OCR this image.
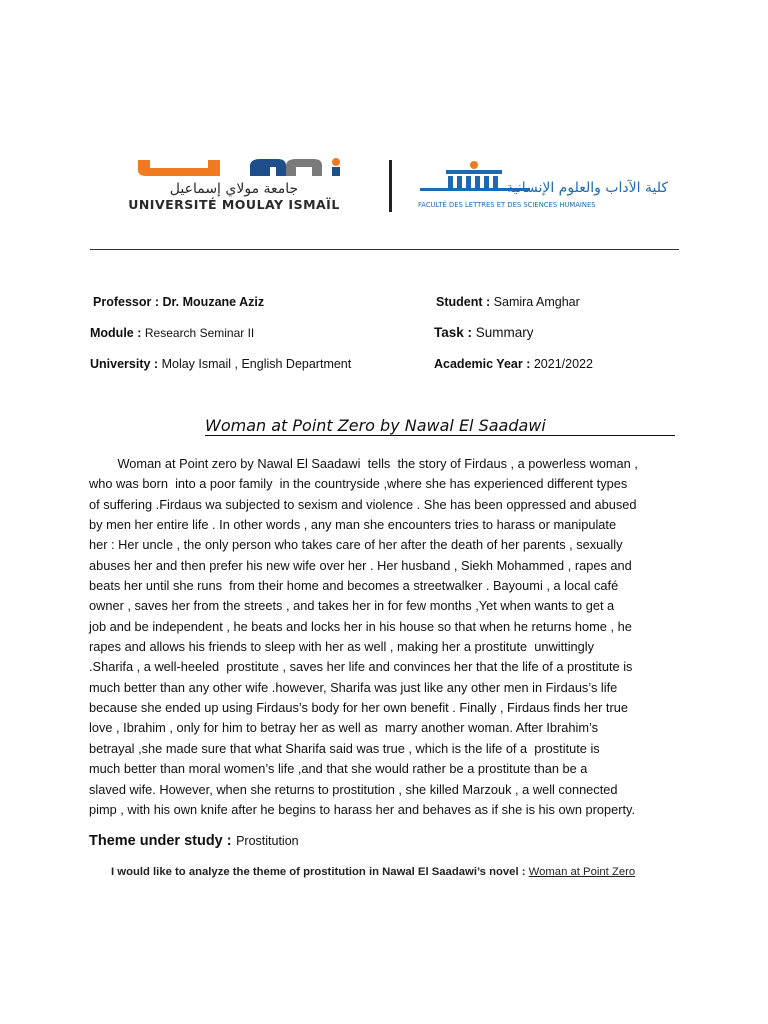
جامعة مولاي إسماعيل
UNIVERSITÉ MOULAY ISMAÏL
كلية الآداب والعلوم الإنسانية
FACULTÉ DES LETTRES ET DES SCIENCES HUMAINES
Professor : Dr. Mouzane Aziz	Student : Samira Amghar
Module : Research Seminar II	Task : Summary
University : Molay Ismail , English Department	Academic Year : 2021/2022
Woman at Point Zero by Nawal El Saadawi
Woman at Point zero by Nawal El Saadawi  tells  the story of Firdaus , a powerless woman ,
who was born  into a poor family  in the countryside ,where she has experienced different types
of suffering .Firdaus wa subjected to sexism and violence . She has been oppressed and abused
by men her entire life . In other words , any man she encounters tries to harass or manipulate
her : Her uncle , the only person who takes care of her after the death of her parents , sexually
abuses her and then prefer his new wife over her . Her husband , Siekh Mohammed , rapes and
beats her until she runs  from their home and becomes a streetwalker . Bayoumi , a local café
owner , saves her from the streets , and takes her in for few months ,Yet when wants to get a
job and be independent , he beats and locks her in his house so that when he returns home , he
rapes and allows his friends to sleep with her as well , making her a prostitute  unwittingly
.Sharifa , a well-heeled  prostitute , saves her life and convinces her that the life of a prostitute is
much better than any other wife .however, Sharifa was just like any other men in Firdaus’s life
because she ended up using Firdaus’s body for her own benefit . Finally , Firdaus finds her true
love , Ibrahim , only for him to betray her as well as  marry another woman. After Ibrahim’s
betrayal ,she made sure that what Sharifa said was true , which is the life of a  prostitute is
much better than moral women’s life ,and that she would rather be a prostitute than be a
slaved wife. However, when she returns to prostitution , she killed Marzouk , a well connected
pimp , with his own knife after he begins to harass her and behaves as if she is his own property.
Theme under study : Prostitution
I would like to analyze the theme of prostitution in Nawal El Saadawi’s novel : Woman at Point Zero
